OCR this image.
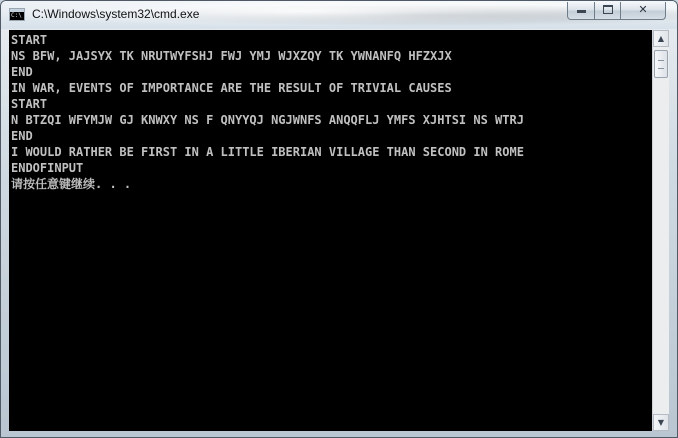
C:\
C:\Windows\system32\cmd.exe	✕
START
NS BFW, JAJSYX TK NRUTWYFSHJ FWJ YMJ WJXZQY TK YWNANFQ HFZXJX
END
IN WAR, EVENTS OF IMPORTANCE ARE THE RESULT OF TRIVIAL CAUSES
START
N BTZQI WFYMJW GJ KNWXY NS F QNYYQJ NGJWNFS ANQQFLJ YMFS XJHTSI NS WTRJ
END
I WOULD RATHER BE FIRST IN A LITTLE IBERIAN VILLAGE THAN SECOND IN ROME
ENDOFINPUT
请按任意键继续. . .
▲
▼
